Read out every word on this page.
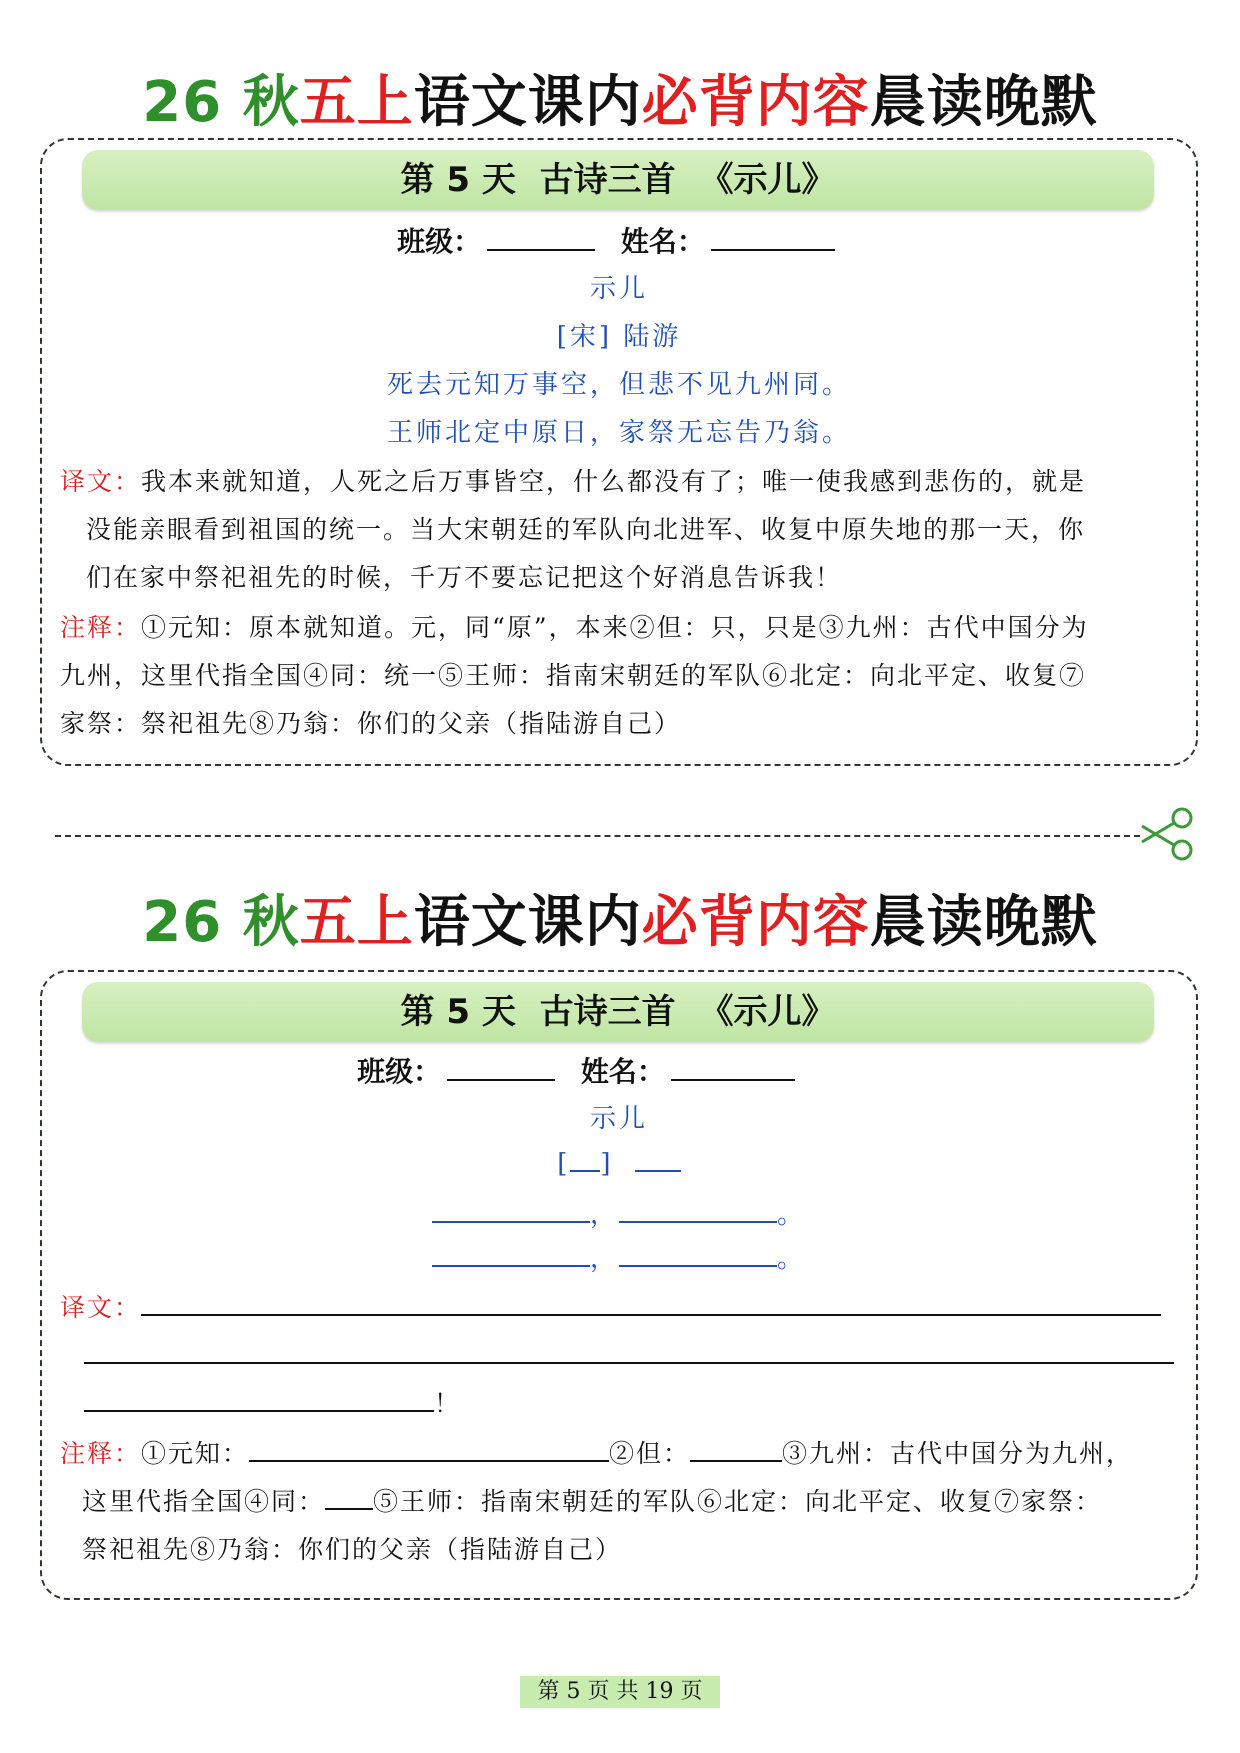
26 秋五上语文课内必背内容晨读晚默
第 5 天 古诗三首 《示儿》
班级：	姓名：
示儿
[宋] 陆游
死去元知万事空，但悲不见九州同。
王师北定中原日，家祭无忘告乃翁。
译文：我本来就知道，人死之后万事皆空，什么都没有了；唯一使我感到悲伤的，就是
没能亲眼看到祖国的统一。当大宋朝廷的军队向北进军、收复中原失地的那一天，你
们在家中祭祀祖先的时候，千万不要忘记把这个好消息告诉我！
注释：①元知：原本就知道。元，同“原”，本来②但：只，只是③九州：古代中国分为
九州，这里代指全国④同：统一⑤王师：指南宋朝廷的军队⑥北定：向北平定、收复⑦
家祭：祭祀祖先⑧乃翁：你们的父亲（指陆游自己）
26 秋五上语文课内必背内容晨读晚默
第 5 天 古诗三首 《示儿》
班级：	姓名：
示儿
[ ]
，	。
，	。
译文：
！
注释：①元知：	②但：	③九州：古代中国分为九州，
这里代指全国④同： ⑤王师：指南宋朝廷的军队⑥北定：向北平定、收复⑦家祭：
祭祀祖先⑧乃翁：你们的父亲（指陆游自己）
第 5 页 共 19 页
